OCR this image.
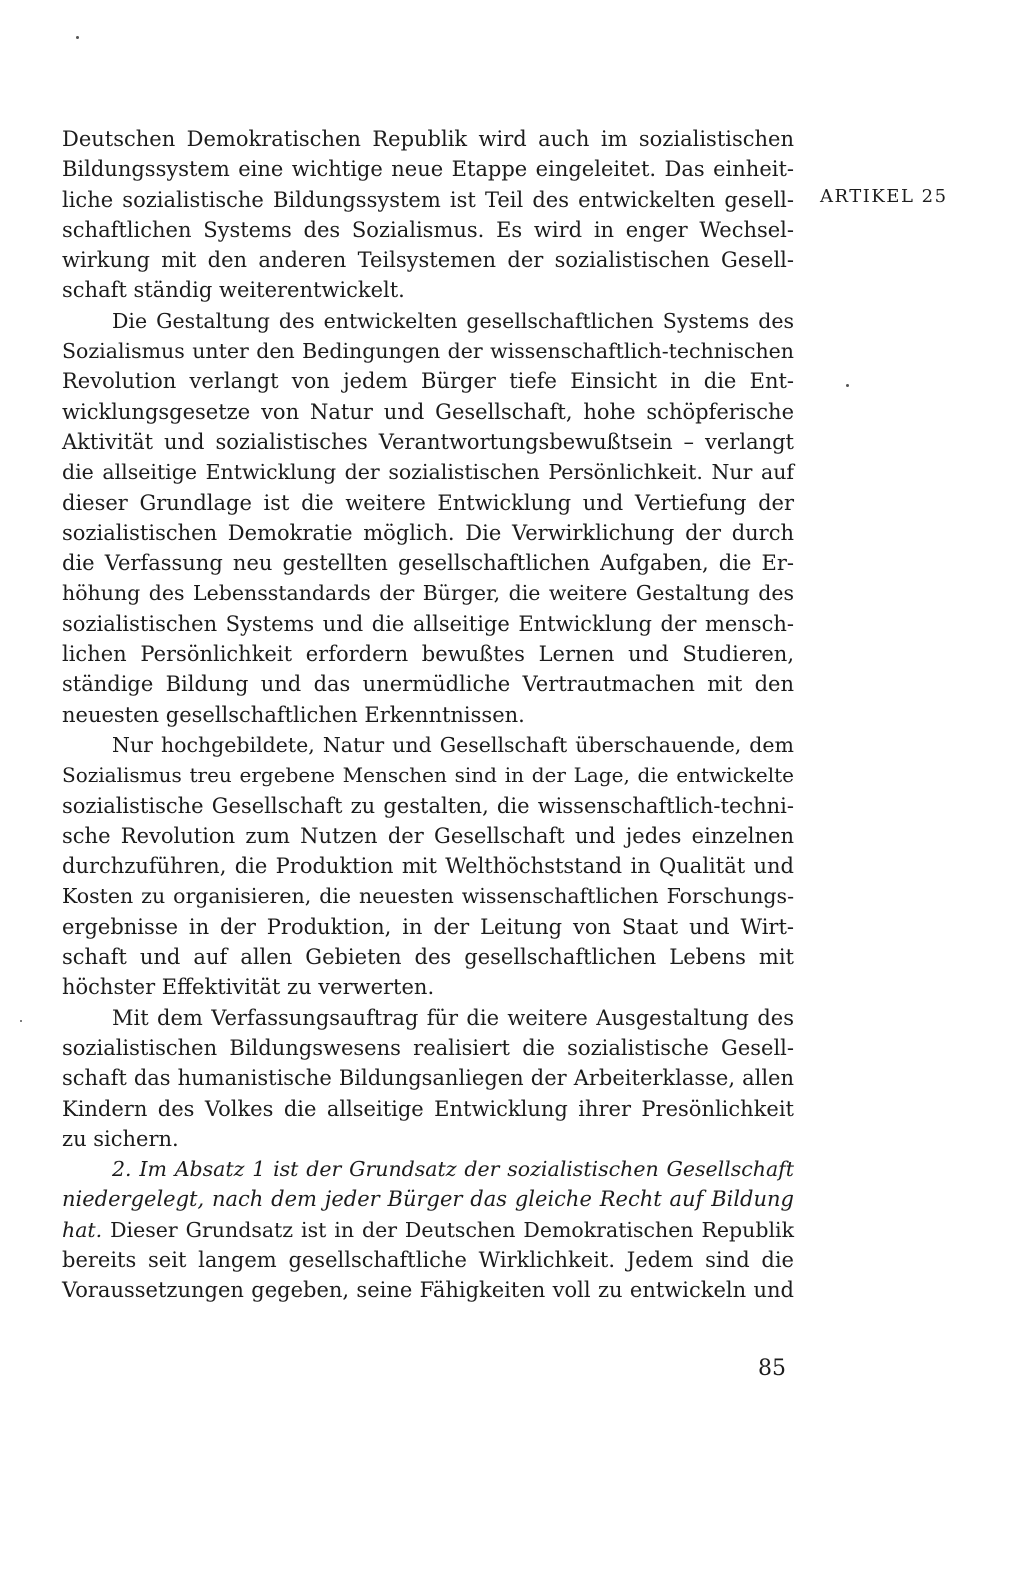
ARTIKEL 25
Deutschen Demokratischen Republik wird auch im sozialistischen
Bildungssystem eine wichtige neue Etappe eingeleitet. Das einheit-
liche sozialistische Bildungssystem ist Teil des entwickelten gesell-
schaftlichen Systems des Sozialismus. Es wird in enger Wechsel-
wirkung mit den anderen Teilsystemen der sozialistischen Gesell-
schaft ständig weiterentwickelt.
Die Gestaltung des entwickelten gesellschaftlichen Systems des
Sozialismus unter den Bedingungen der wissenschaftlich-technischen
Revolution verlangt von jedem Bürger tiefe Einsicht in die Ent-
wicklungsgesetze von Natur und Gesellschaft, hohe schöpferische
Aktivität und sozialistisches Verantwortungsbewußtsein – verlangt
die allseitige Entwicklung der sozialistischen Persönlichkeit. Nur auf
dieser Grundlage ist die weitere Entwicklung und Vertiefung der
sozialistischen Demokratie möglich. Die Verwirklichung der durch
die Verfassung neu gestellten gesellschaftlichen Aufgaben, die Er-
höhung des Lebensstandards der Bürger, die weitere Gestaltung des
sozialistischen Systems und die allseitige Entwicklung der mensch-
lichen Persönlichkeit erfordern bewußtes Lernen und Studieren,
ständige Bildung und das unermüdliche Vertrautmachen mit den
neuesten gesellschaftlichen Erkenntnissen.
Nur hochgebildete, Natur und Gesellschaft überschauende, dem
Sozialismus treu ergebene Menschen sind in der Lage, die entwickelte
sozialistische Gesellschaft zu gestalten, die wissenschaftlich-techni-
sche Revolution zum Nutzen der Gesellschaft und jedes einzelnen
durchzuführen, die Produktion mit Welthöchststand in Qualität und
Kosten zu organisieren, die neuesten wissenschaftlichen Forschungs-
ergebnisse in der Produktion, in der Leitung von Staat und Wirt-
schaft und auf allen Gebieten des gesellschaftlichen Lebens mit
höchster Effektivität zu verwerten.
Mit dem Verfassungsauftrag für die weitere Ausgestaltung des
sozialistischen Bildungswesens realisiert die sozialistische Gesell-
schaft das humanistische Bildungsanliegen der Arbeiterklasse, allen
Kindern des Volkes die allseitige Entwicklung ihrer Presönlichkeit
zu sichern.
2. Im Absatz 1 ist der Grundsatz der sozialistischen Gesellschaft
niedergelegt, nach dem jeder Bürger das gleiche Recht auf Bildung
hat. Dieser Grundsatz ist in der Deutschen Demokratischen Republik
bereits seit langem gesellschaftliche Wirklichkeit. Jedem sind die
Voraussetzungen gegeben, seine Fähigkeiten voll zu entwickeln und
85
